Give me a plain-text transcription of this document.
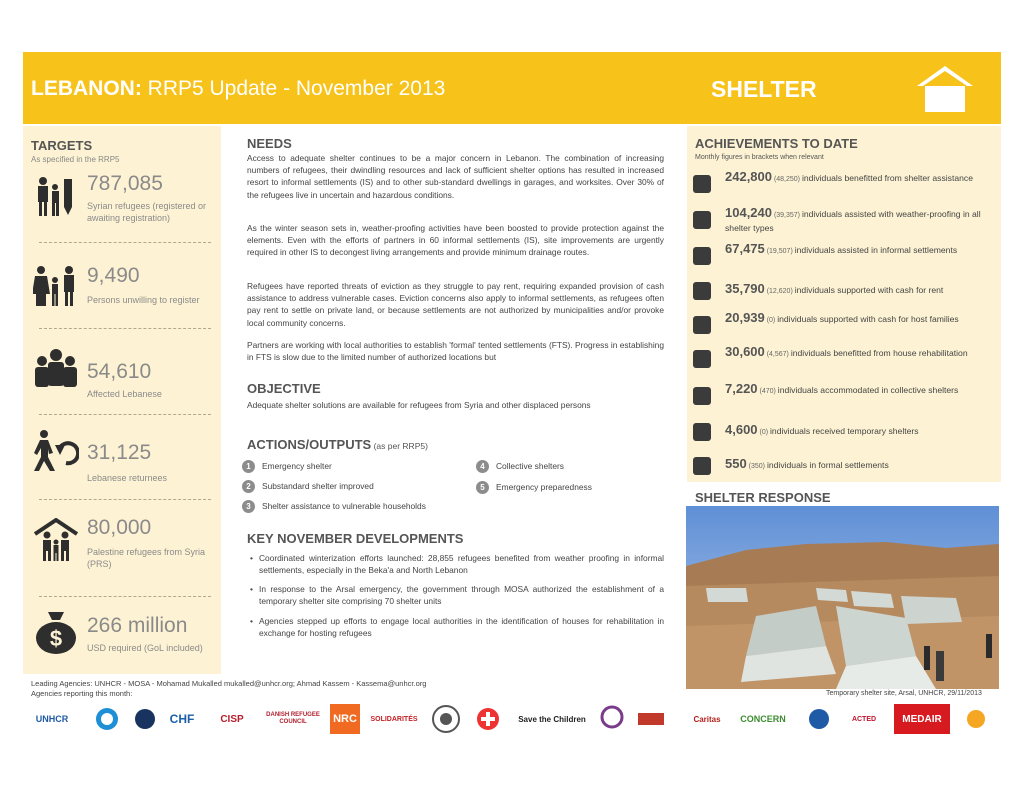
LEBANON: RRP5 Update - November 2013	SHELTER
TARGETS
As specified in the RRP5
787,085
Syrian refugees (registered or awaiting registration)
9,490
Persons unwilling to register
54,610
Affected Lebanese
31,125
Lebanese returnees
80,000
Palestine refugees from Syria (PRS)
$
266 million
USD required (GoL included)
NEEDS
Access to adequate shelter continues to be a major concern in Lebanon. The combination of increasing numbers of refugees, their dwindling resources and lack of sufficient shelter options has resulted in increased resort to informal settlements (IS) and to other sub-standard dwellings in garages, and worksites. Over 30% of the refugees live in uncertain and hazardous conditions.
As the winter season sets in, weather-proofing activities have been boosted to provide protection against the elements. Even with the efforts of partners in 60 informal settlements (IS), site improvements are urgently required in other IS to decongest living arrangements and provide minimum drainage routes.
Refugees have reported threats of eviction as they struggle to pay rent, requiring expanded provision of cash assistance to address vulnerable cases. Eviction concerns also apply to informal settlements, as refugees often pay rent to settle on private land, or because settlements are not authorized by municipalities and/or provoke local community concerns.
Partners are working with local authorities to establish 'formal' tented settlements (FTS). Progress in establishing in FTS is slow due to the limited number of authorized locations but
OBJECTIVE
Adequate shelter solutions are available for refugees from Syria and other displaced persons
ACTIONS/OUTPUTS (as per RRP5)
1 Emergency shelter
2 Substandard shelter improved
3 Shelter assistance to vulnerable households
4 Collective shelters
5 Emergency preparedness
KEY NOVEMBER DEVELOPMENTS
• Coordinated winterization efforts launched: 28,855 refugees benefited from weather proofing in informal settlements, especially in the Beka'a and North Lebanon
• In response to the Arsal emergency, the government through MOSA authorized the establishment of a temporary shelter site comprising 70 shelter units
• Agencies stepped up efforts to engage local authorities in the identification of houses for rehabilitation in exchange for hosting refugees
ACHIEVEMENTS TO DATE
Monthly figures in brackets when relevant
242,800 (48,250) individuals benefitted from shelter assistance
104,240 (39,357) individuals assisted with weather-proofing in all shelter types
67,475 (19,507) individuals assisted in informal settlements
35,790 (12,620) individuals supported with cash for rent
20,939 (0) individuals supported with cash for host families
30,600 (4,567) individuals benefitted from house rehabilitation
7,220 (470) individuals accommodated in collective shelters
4,600 (0) individuals received temporary shelters
550 (350) individuals in formal settlements
SHELTER RESPONSE
Temporary shelter site, Arsal, UNHCR, 29/11/2013
Leading Agencies: UNHCR - MOSA - Mohamad Mukalled mukalled@unhcr.org; Ahmad Kassem - Kassema@unhcr.org
Agencies reporting this month:
UNHCR	CHF	CISP	DANISH REFUGEE COUNCIL	NRC	SOLIDARITÉS	Save the Children	Caritas	CONCERN	ACTED	MEDAIR
